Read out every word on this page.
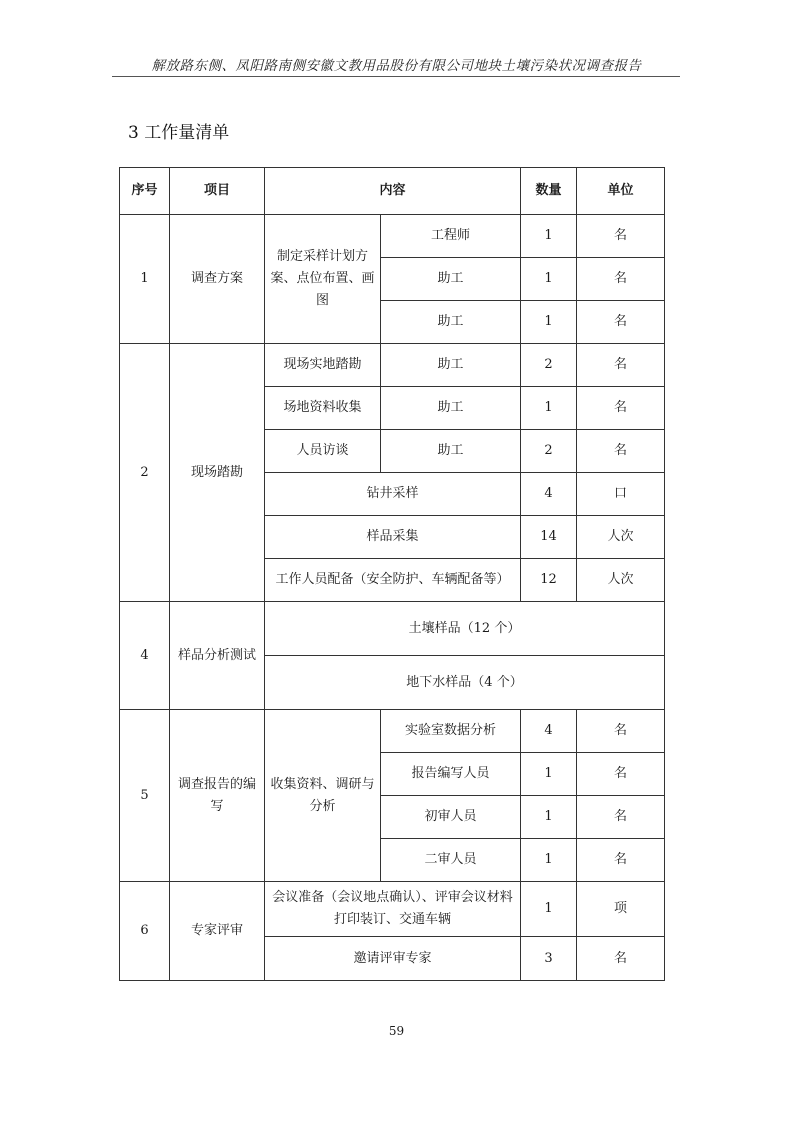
解放路东侧、凤阳路南侧安徽文教用品股份有限公司地块土壤污染状况调查报告
3 工作量清单
序号	项目	内容		数量	单位
1	调查方案	制定采样计划方案、点位布置、画图	工程师	1	名
			助工	1	名
			助工	1	名
2	现场踏勘	现场实地踏勘	助工	2	名
		场地资料收集	助工	1	名
		人员访谈	助工	2	名
		钻井采样		4	口
		样品采集		14	人次
		工作人员配备（安全防护、车辆配备等）		12	人次
4	样品分析测试	土壤样品（12 个）			
		地下水样品（4 个）			
5	调查报告的编写	收集资料、调研与分析	实验室数据分析	4	名
			报告编写人员	1	名
			初审人员	1	名
			二审人员	1	名
6	专家评审	会议准备（会议地点确认）、评审会议材料打印装订、交通车辆		1	项
		邀请评审专家		3	名
59
